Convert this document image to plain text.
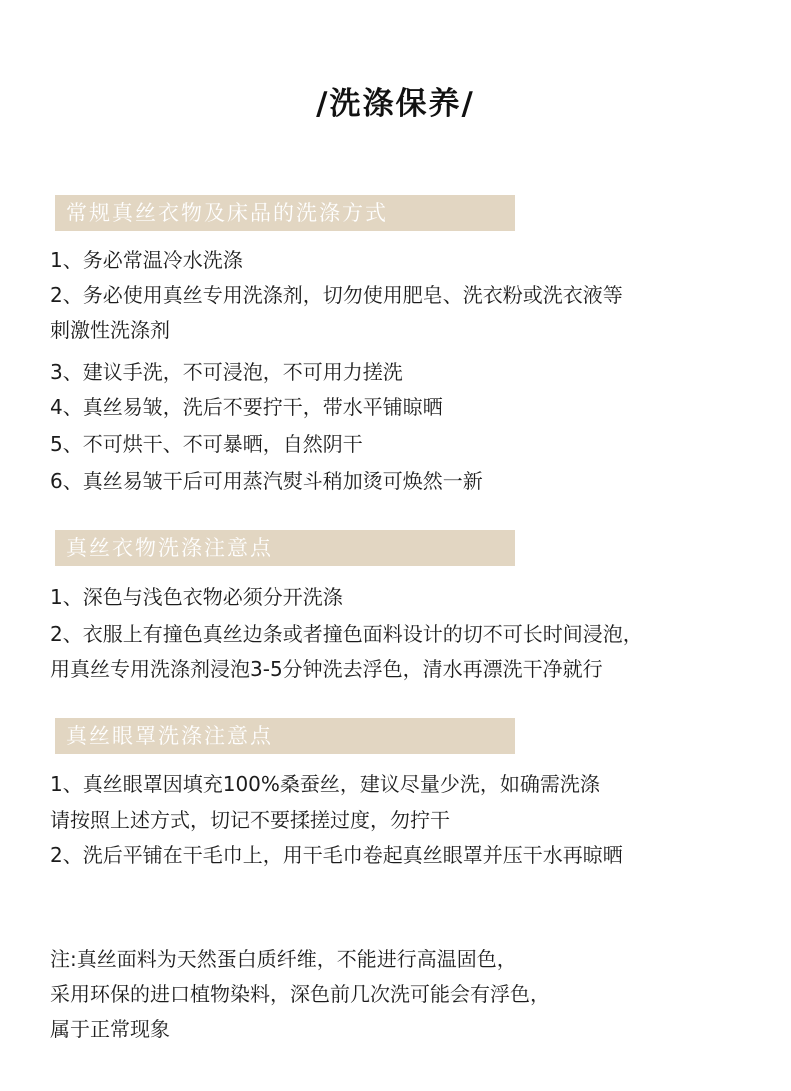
/洗涤保养/
常规真丝衣物及床品的洗涤方式
1、务必常温冷水洗涤
2、务必使用真丝专用洗涤剂，切勿使用肥皂、洗衣粉或洗衣液等
刺激性洗涤剂
3、建议手洗，不可浸泡，不可用力搓洗
4、真丝易皱，洗后不要拧干，带水平铺晾晒
5、不可烘干、不可暴晒，自然阴干
6、真丝易皱干后可用蒸汽熨斗稍加烫可焕然一新
真丝衣物洗涤注意点
1、深色与浅色衣物必须分开洗涤
2、衣服上有撞色真丝边条或者撞色面料设计的切不可长时间浸泡，
用真丝专用洗涤剂浸泡3-5分钟洗去浮色，清水再漂洗干净就行
真丝眼罩洗涤注意点
1、真丝眼罩因填充100%桑蚕丝，建议尽量少洗，如确需洗涤
请按照上述方式，切记不要揉搓过度，勿拧干
2、洗后平铺在干毛巾上，用干毛巾卷起真丝眼罩并压干水再晾晒
注:真丝面料为天然蛋白质纤维，不能进行高温固色，
采用环保的进口植物染料，深色前几次洗可能会有浮色，
属于正常现象
